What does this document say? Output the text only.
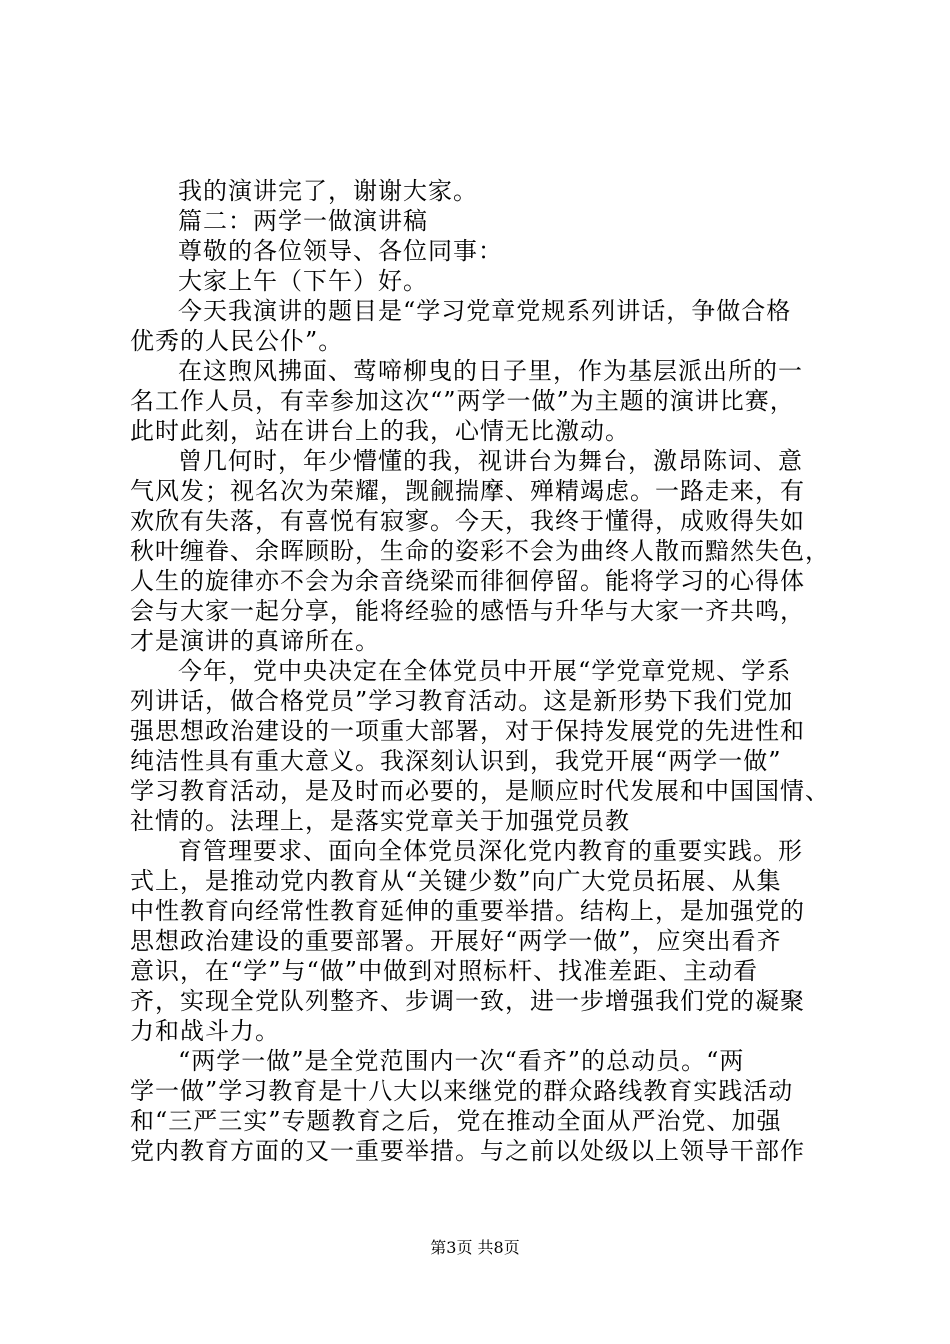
我的演讲完了，谢谢大家。
篇二：两学一做演讲稿
尊敬的各位领导、各位同事：
大家上午（下午）好。
今天我演讲的题目是“学习党章党规系列讲话，争做合格
优秀的人民公仆”。
在这煦风拂面、莺啼柳曳的日子里，作为基层派出所的一
名工作人员，有幸参加这次“”两学一做”为主题的演讲比赛，
此时此刻，站在讲台上的我，心情无比激动。
曾几何时，年少懵懂的我，视讲台为舞台，激昂陈词、意
气风发；视名次为荣耀，觊觎揣摩、殚精竭虑。一路走来，有
欢欣有失落，有喜悦有寂寥。今天，我终于懂得，成败得失如
秋叶缠眷、余晖顾盼，生命的姿彩不会为曲终人散而黯然失色，
人生的旋律亦不会为余音绕梁而徘徊停留。能将学习的心得体
会与大家一起分享，能将经验的感悟与升华与大家一齐共鸣，
才是演讲的真谛所在。
今年，党中央决定在全体党员中开展“学党章党规、学系
列讲话，做合格党员”学习教育活动。这是新形势下我们党加
强思想政治建设的一项重大部署，对于保持发展党的先进性和
纯洁性具有重大意义。我深刻认识到，我党开展“两学一做”
学习教育活动，是及时而必要的，是顺应时代发展和中国国情、
社情的。法理上，是落实党章关于加强党员教
育管理要求、面向全体党员深化党内教育的重要实践。形
式上，是推动党内教育从“关键少数”向广大党员拓展、从集
中性教育向经常性教育延伸的重要举措。结构上，是加强党的
思想政治建设的重要部署。开展好“两学一做”，应突出看齐
意识，在“学”与“做”中做到对照标杆、找准差距、主动看
齐，实现全党队列整齐、步调一致，进一步增强我们党的凝聚
力和战斗力。
“两学一做”是全党范围内一次“看齐”的总动员。“两
学一做”学习教育是十八大以来继党的群众路线教育实践活动
和“三严三实”专题教育之后，党在推动全面从严治党、加强
党内教育方面的又一重要举措。与之前以处级以上领导干部作
第3页 共8页
